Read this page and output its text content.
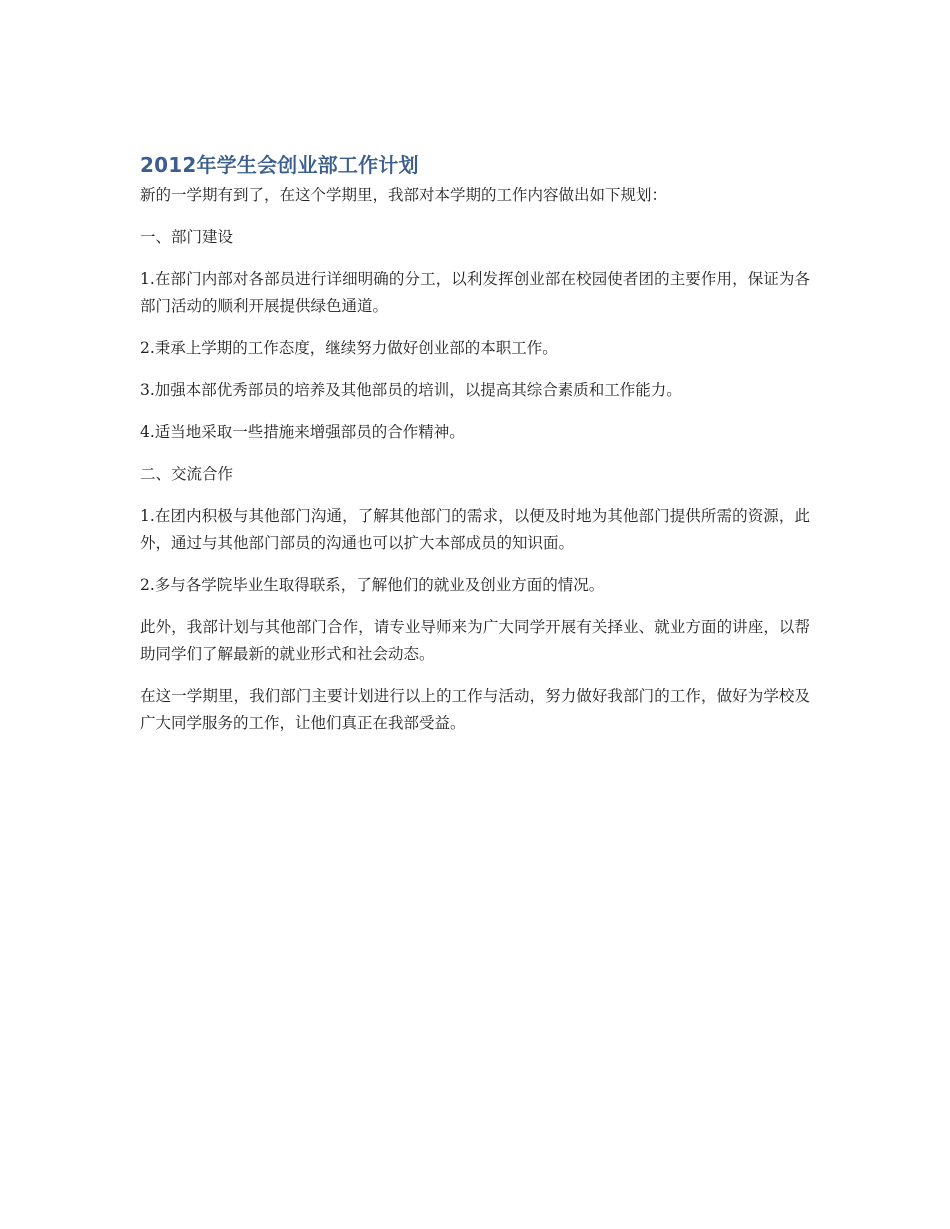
2012年学生会创业部工作计划

新的一学期有到了，在这个学期里，我部对本学期的工作内容做出如下规划：

一、部门建设

1.在部门内部对各部员进行详细明确的分工，以利发挥创业部在校园使者团的主要作用，保证为各部门活动的顺利开展提供绿色通道。

2.秉承上学期的工作态度，继续努力做好创业部的本职工作。

3.加强本部优秀部员的培养及其他部员的培训，以提高其综合素质和工作能力。

4.适当地采取一些措施来增强部员的合作精神。

二、交流合作

1.在团内积极与其他部门沟通，了解其他部门的需求，以便及时地为其他部门提供所需的资源，此外，通过与其他部门部员的沟通也可以扩大本部成员的知识面。

2.多与各学院毕业生取得联系，了解他们的就业及创业方面的情况。

此外，我部计划与其他部门合作，请专业导师来为广大同学开展有关择业、就业方面的讲座，以帮助同学们了解最新的就业形式和社会动态。

在这一学期里，我们部门主要计划进行以上的工作与活动，努力做好我部门的工作，做好为学校及广大同学服务的工作，让他们真正在我部受益。
